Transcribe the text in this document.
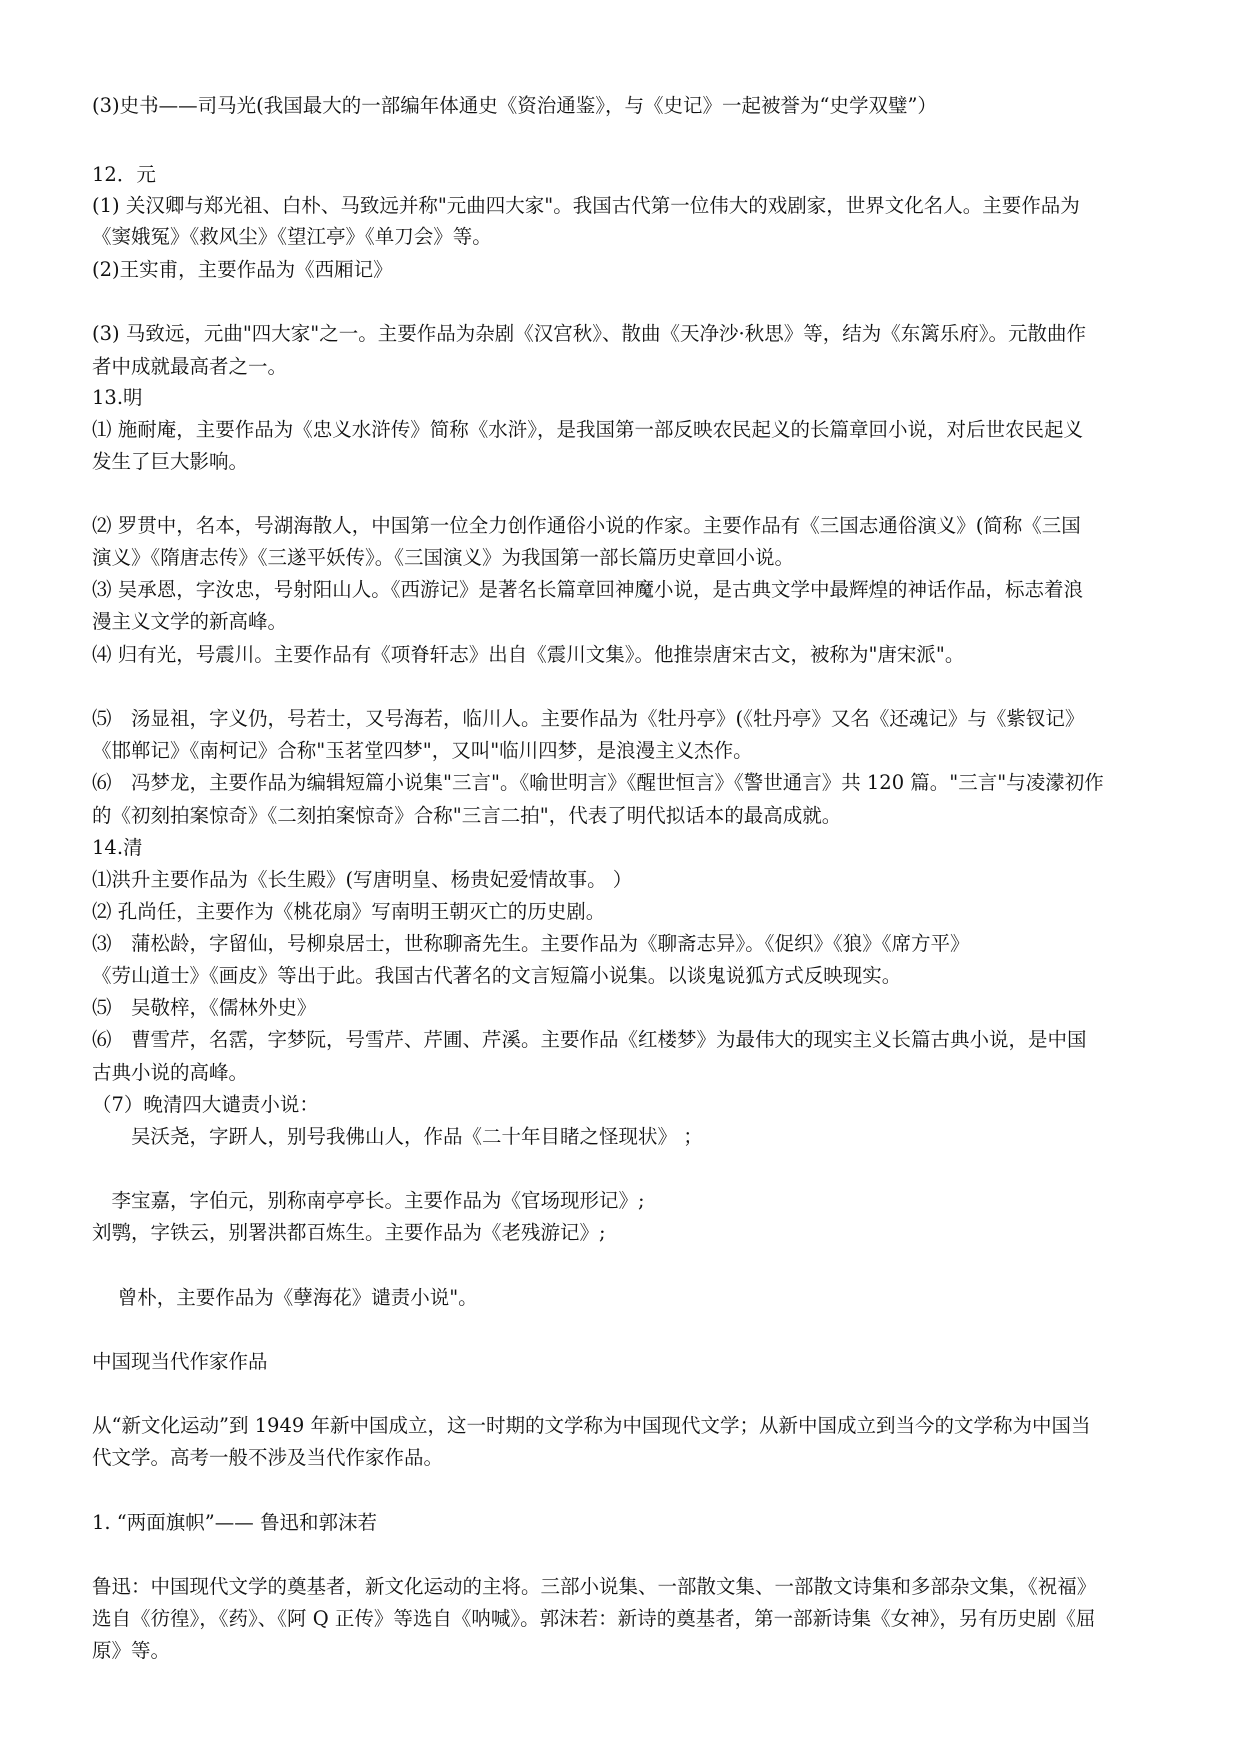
(3)史书——司马光(我国最大的一部编年体通史《资治通鉴》，与《史记》一起被誉为“史学双璧”）
12．元
(1) 关汉卿与郑光祖、白朴、马致远并称"元曲四大家"。我国古代第一位伟大的戏剧家，世界文化名人。主要作品为
《窦娥冤》《救风尘》《望江亭》《单刀会》等。
(2)王实甫，主要作品为《西厢记》
(3) 马致远，元曲"四大家"之一。主要作品为杂剧《汉宫秋》、散曲《天净沙·秋思》等，结为《东篱乐府》。元散曲作
者中成就最高者之一。
13.明
⑴ 施耐庵，主要作品为《忠义水浒传》简称《水浒》，是我国第一部反映农民起义的长篇章回小说，对后世农民起义
发生了巨大影响。
⑵ 罗贯中，名本，号湖海散人，中国第一位全力创作通俗小说的作家。主要作品有《三国志通俗演义》(简称《三国
演义》《隋唐志传》《三遂平妖传》。《三国演义》为我国第一部长篇历史章回小说。
⑶ 吴承恩，字汝忠，号射阳山人。《西游记》是著名长篇章回神魔小说，是古典文学中最辉煌的神话作品，标志着浪
漫主义文学的新高峰。
⑷ 归有光，号震川。主要作品有《项脊轩志》出自《震川文集》。他推崇唐宋古文，被称为"唐宋派"。
⑸　汤显祖，字义仍，号若士，又号海若，临川人。主要作品为《牡丹亭》(《牡丹亭》又名《还魂记》与《紫钗记》
《邯郸记》《南柯记》合称"玉茗堂四梦"，又叫"临川四梦，是浪漫主义杰作。
⑹　冯梦龙，主要作品为编辑短篇小说集"三言"。《喻世明言》《醒世恒言》《警世通言》共 120 篇。"三言"与凌濛初作
的《初刻拍案惊奇》《二刻拍案惊奇》合称"三言二拍"，代表了明代拟话本的最高成就。
14.清
⑴洪升主要作品为《长生殿》(写唐明皇、杨贵妃爱情故事。 ）
⑵ 孔尚任，主要作为《桃花扇》写南明王朝灭亡的历史剧。
⑶　蒲松龄，字留仙，号柳泉居士，世称聊斋先生。主要作品为《聊斋志异》。《促织》《狼》《席方平》
《劳山道士》《画皮》等出于此。我国古代著名的文言短篇小说集。以谈鬼说狐方式反映现实。
⑸　吴敬梓，《儒林外史》
⑹　曹雪芹，名霑，字梦阮，号雪芹、芹圃、芹溪。主要作品《红楼梦》为最伟大的现实主义长篇古典小说，是中国
古典小说的高峰。
（7）晚清四大谴责小说：
　　吴沃尧，字趼人，别号我佛山人，作品《二十年目睹之怪现状》 ；
　李宝嘉，字伯元，别称南亭亭长。主要作品为《官场现形记》;
刘鹗，字铁云，别署洪都百炼生。主要作品为《老残游记》;
　 曾朴，主要作品为《孽海花》谴责小说"。
中国现当代作家作品
从“新文化运动”到 1949 年新中国成立，这一时期的文学称为中国现代文学；从新中国成立到当今的文学称为中国当
代文学。高考一般不涉及当代作家作品。
1. “两面旗帜”—— 鲁迅和郭沫若
鲁迅：中国现代文学的奠基者，新文化运动的主将。三部小说集、一部散文集、一部散文诗集和多部杂文集，《祝福》
选自《彷徨》，《药》、《阿 Q 正传》等选自《呐喊》。郭沫若：新诗的奠基者，第一部新诗集《女神》，另有历史剧《屈
原》等。
